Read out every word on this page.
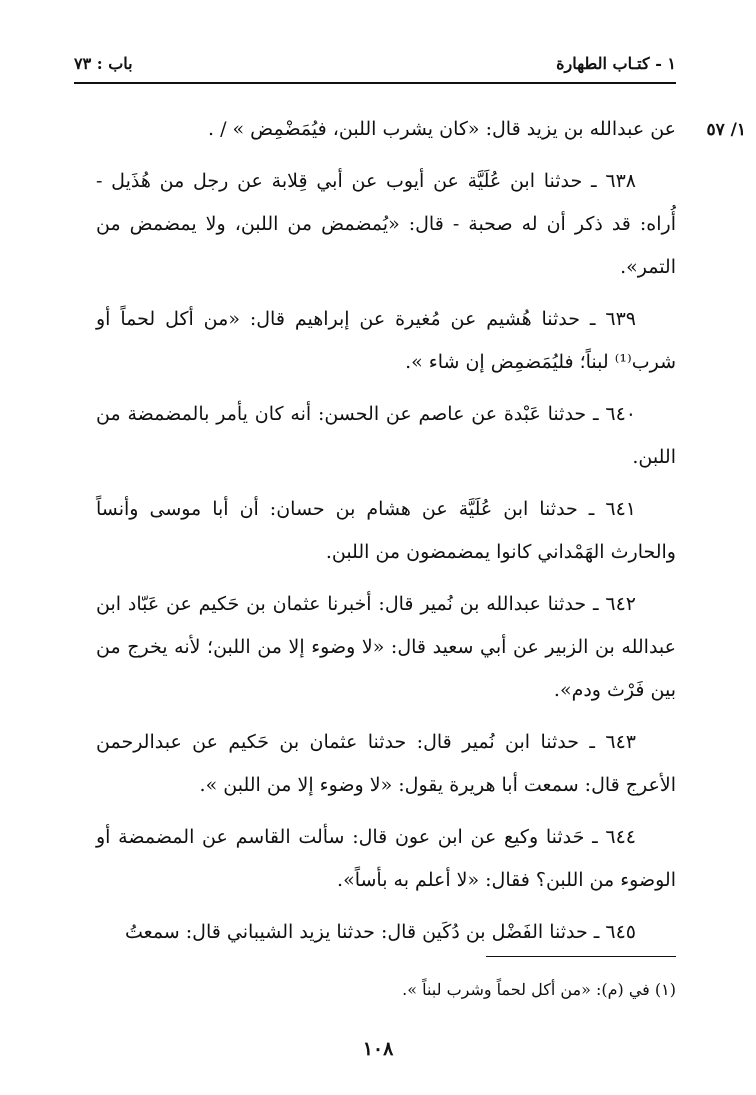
باب : ٧٣	١ - كتـاب الطهارة
١/ ٥٧

عن عبدالله بن يزيد قال: «كان يشرب اللبن، فيُمَضْمِض » / .

٦٣٨ ـ حدثنا ابن عُلَيَّة عن أيوب عن أبي قِلابة عن رجل من هُذَيل - أُراه: قد ذكر أن له صحبة - قال: «يُمضمض من اللبن، ولا يمضمض من التمر».

٦٣٩ ـ حدثنا هُشيم عن مُغيرة عن إبراهيم قال: «من أكل لحماً أو شرب⁽¹⁾ لبناً؛ فليُمَضمِض إن شاء ».

٦٤٠ ـ حدثنا عَبْدة عن عاصم عن الحسن: أنه كان يأمر بالمضمضة من اللبن.

٦٤١ ـ حدثنا ابن عُلَيَّة عن هشام بن حسان: أن أبا موسى وأنساً والحارث الهَمْداني كانوا يمضمضون من اللبن.

٦٤٢ ـ حدثنا عبدالله بن نُمير قال: أخبرنا عثمان بن حَكيم عن عَبّاد ابن عبدالله بن الزبير عن أبي سعيد قال: «لا وضوء إلا من اللبن؛ لأنه يخرج من بين فَرْث ودم».

٦٤٣ ـ حدثنا ابن نُمير قال: حدثنا عثمان بن حَكيم عن عبدالرحمن الأعرج قال: سمعت أبا هريرة يقول: «لا وضوء إلا من اللبن ».

٦٤٤ ـ حَدثنا وكيع عن ابن عون قال: سألت القاسم عن المضمضة أو الوضوء من اللبن؟ فقال: «لا أعلم به بأساً».

٦٤٥ ـ حدثنا الفَضْل بن دُكَين قال: حدثنا يزيد الشيباني قال: سمعتُ

(١) في (م): «من أكل لحماً وشرب لبناً ».
١٠٨
